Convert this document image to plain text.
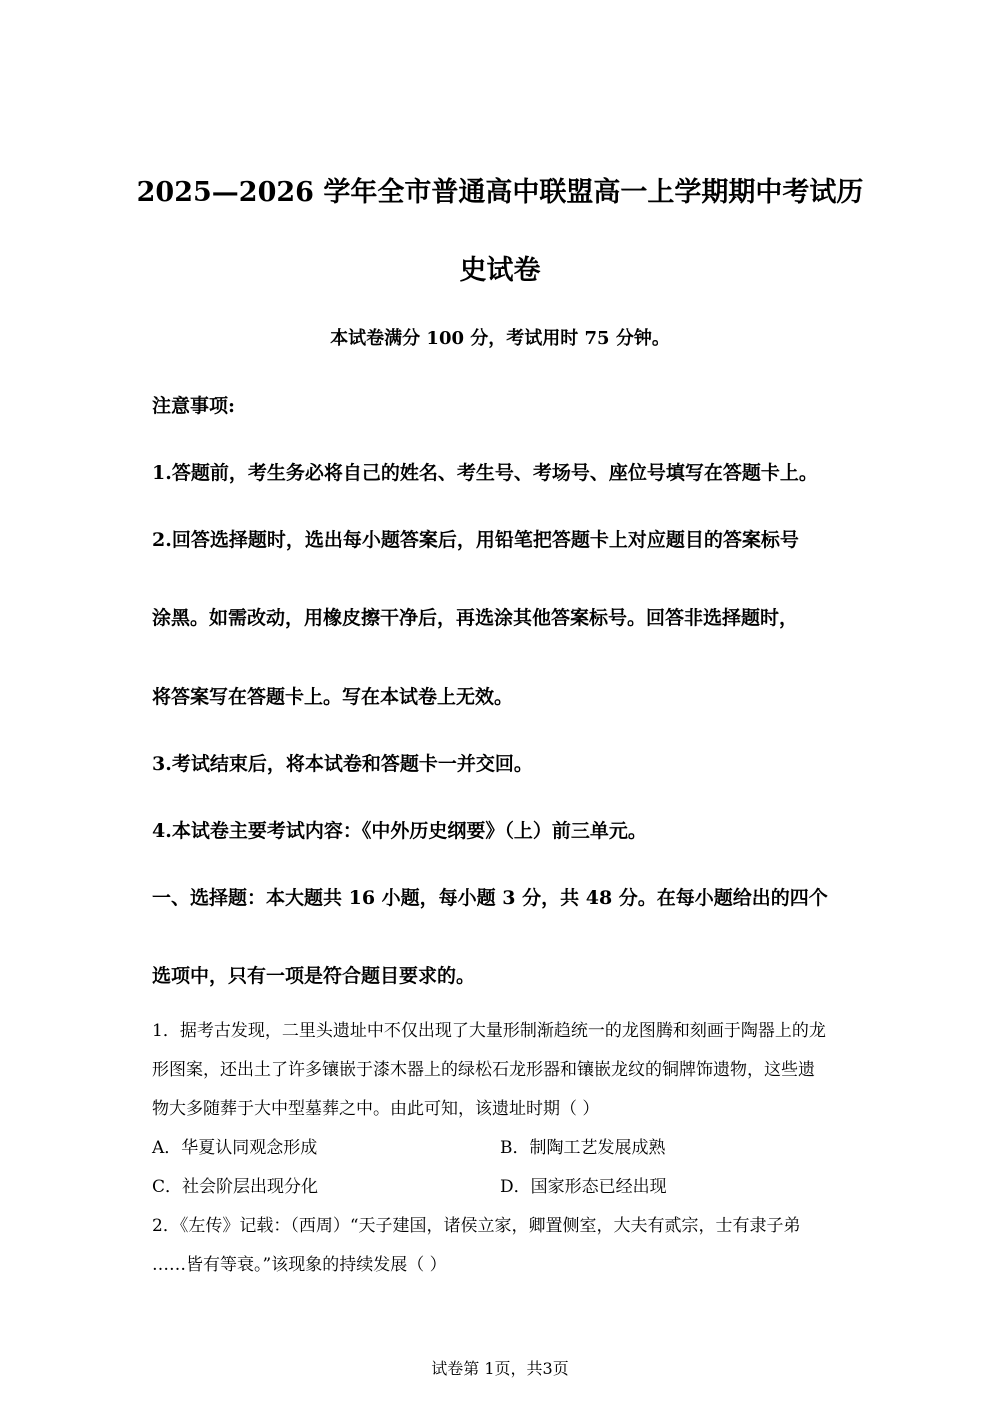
2025—2026 学年全市普通高中联盟高一上学期期中考试历
史试卷
本试卷满分 100 分，考试用时 75 分钟。
注意事项:
1.答题前，考生务必将自己的姓名、考生号、考场号、座位号填写在答题卡上。
2.回答选择题时，选出每小题答案后，用铅笔把答题卡上对应题目的答案标号
涂黑。如需改动，用橡皮擦干净后，再选涂其他答案标号。回答非选择题时，
将答案写在答题卡上。写在本试卷上无效。
3.考试结束后，将本试卷和答题卡一并交回。
4.本试卷主要考试内容：《中外历史纲要》（上）前三单元。
一、选择题：本大题共 16 小题，每小题 3 分，共 48 分。在每小题给出的四个
选项中，只有一项是符合题目要求的。
1．据考古发现，二里头遗址中不仅出现了大量形制渐趋统一的龙图腾和刻画于陶器上的龙
形图案，还出土了许多镶嵌于漆木器上的绿松石龙形器和镶嵌龙纹的铜牌饰遗物，这些遗
物大多随葬于大中型墓葬之中。由此可知，该遗址时期（ ）
A．华夏认同观念形成	B．制陶工艺发展成熟
C．社会阶层出现分化	D．国家形态已经出现
2．《左传》记载：（西周）“天子建国，诸侯立家，卿置侧室，大夫有贰宗，士有隶子弟
……皆有等衰。”该现象的持续发展（ ）
试卷第 1页，共3页
